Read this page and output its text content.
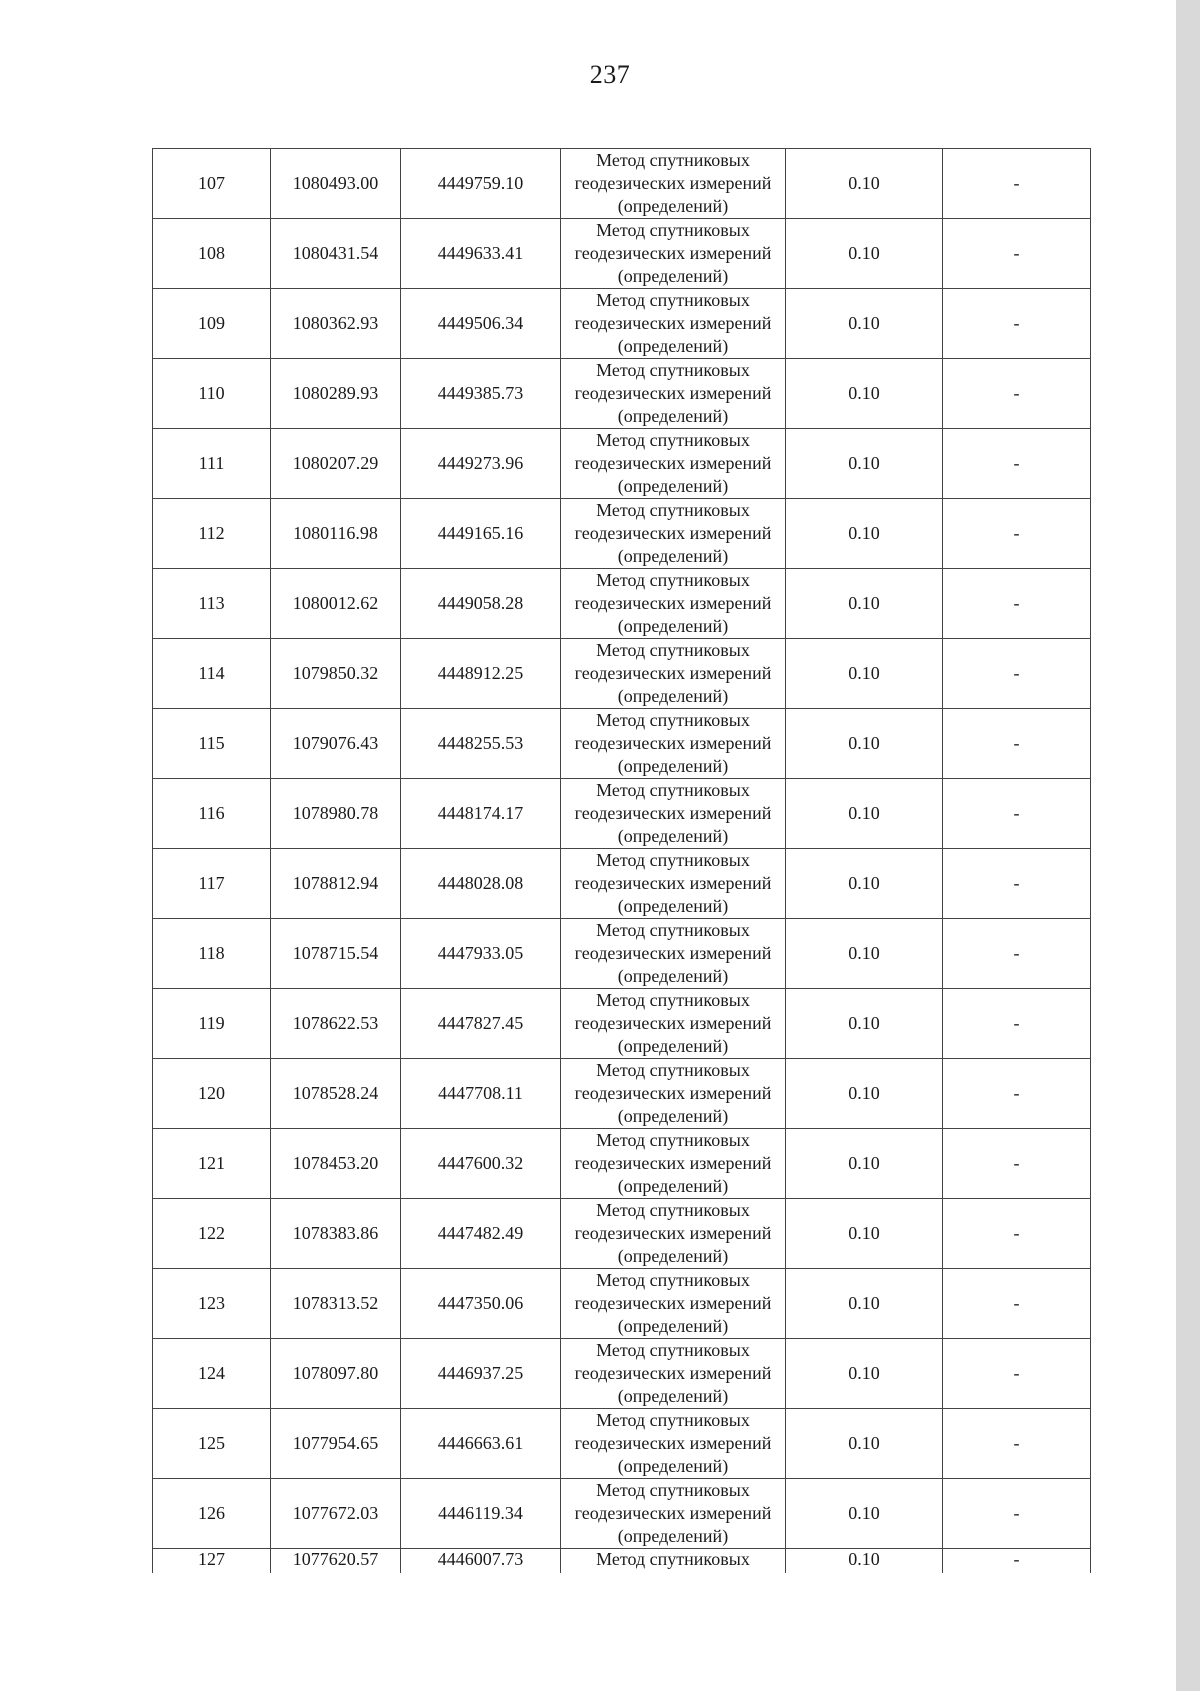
237
107	1080493.00	4449759.10	Метод спутниковых геодезических измерений (определений)	0.10	-
108	1080431.54	4449633.41	Метод спутниковых геодезических измерений (определений)	0.10	-
109	1080362.93	4449506.34	Метод спутниковых геодезических измерений (определений)	0.10	-
110	1080289.93	4449385.73	Метод спутниковых геодезических измерений (определений)	0.10	-
111	1080207.29	4449273.96	Метод спутниковых геодезических измерений (определений)	0.10	-
112	1080116.98	4449165.16	Метод спутниковых геодезических измерений (определений)	0.10	-
113	1080012.62	4449058.28	Метод спутниковых геодезических измерений (определений)	0.10	-
114	1079850.32	4448912.25	Метод спутниковых геодезических измерений (определений)	0.10	-
115	1079076.43	4448255.53	Метод спутниковых геодезических измерений (определений)	0.10	-
116	1078980.78	4448174.17	Метод спутниковых геодезических измерений (определений)	0.10	-
117	1078812.94	4448028.08	Метод спутниковых геодезических измерений (определений)	0.10	-
118	1078715.54	4447933.05	Метод спутниковых геодезических измерений (определений)	0.10	-
119	1078622.53	4447827.45	Метод спутниковых геодезических измерений (определений)	0.10	-
120	1078528.24	4447708.11	Метод спутниковых геодезических измерений (определений)	0.10	-
121	1078453.20	4447600.32	Метод спутниковых геодезических измерений (определений)	0.10	-
122	1078383.86	4447482.49	Метод спутниковых геодезических измерений (определений)	0.10	-
123	1078313.52	4447350.06	Метод спутниковых геодезических измерений (определений)	0.10	-
124	1078097.80	4446937.25	Метод спутниковых геодезических измерений (определений)	0.10	-
125	1077954.65	4446663.61	Метод спутниковых геодезических измерений (определений)	0.10	-
126	1077672.03	4446119.34	Метод спутниковых геодезических измерений (определений)	0.10	-
127	1077620.57	4446007.73	Метод спутниковых	0.10	-
